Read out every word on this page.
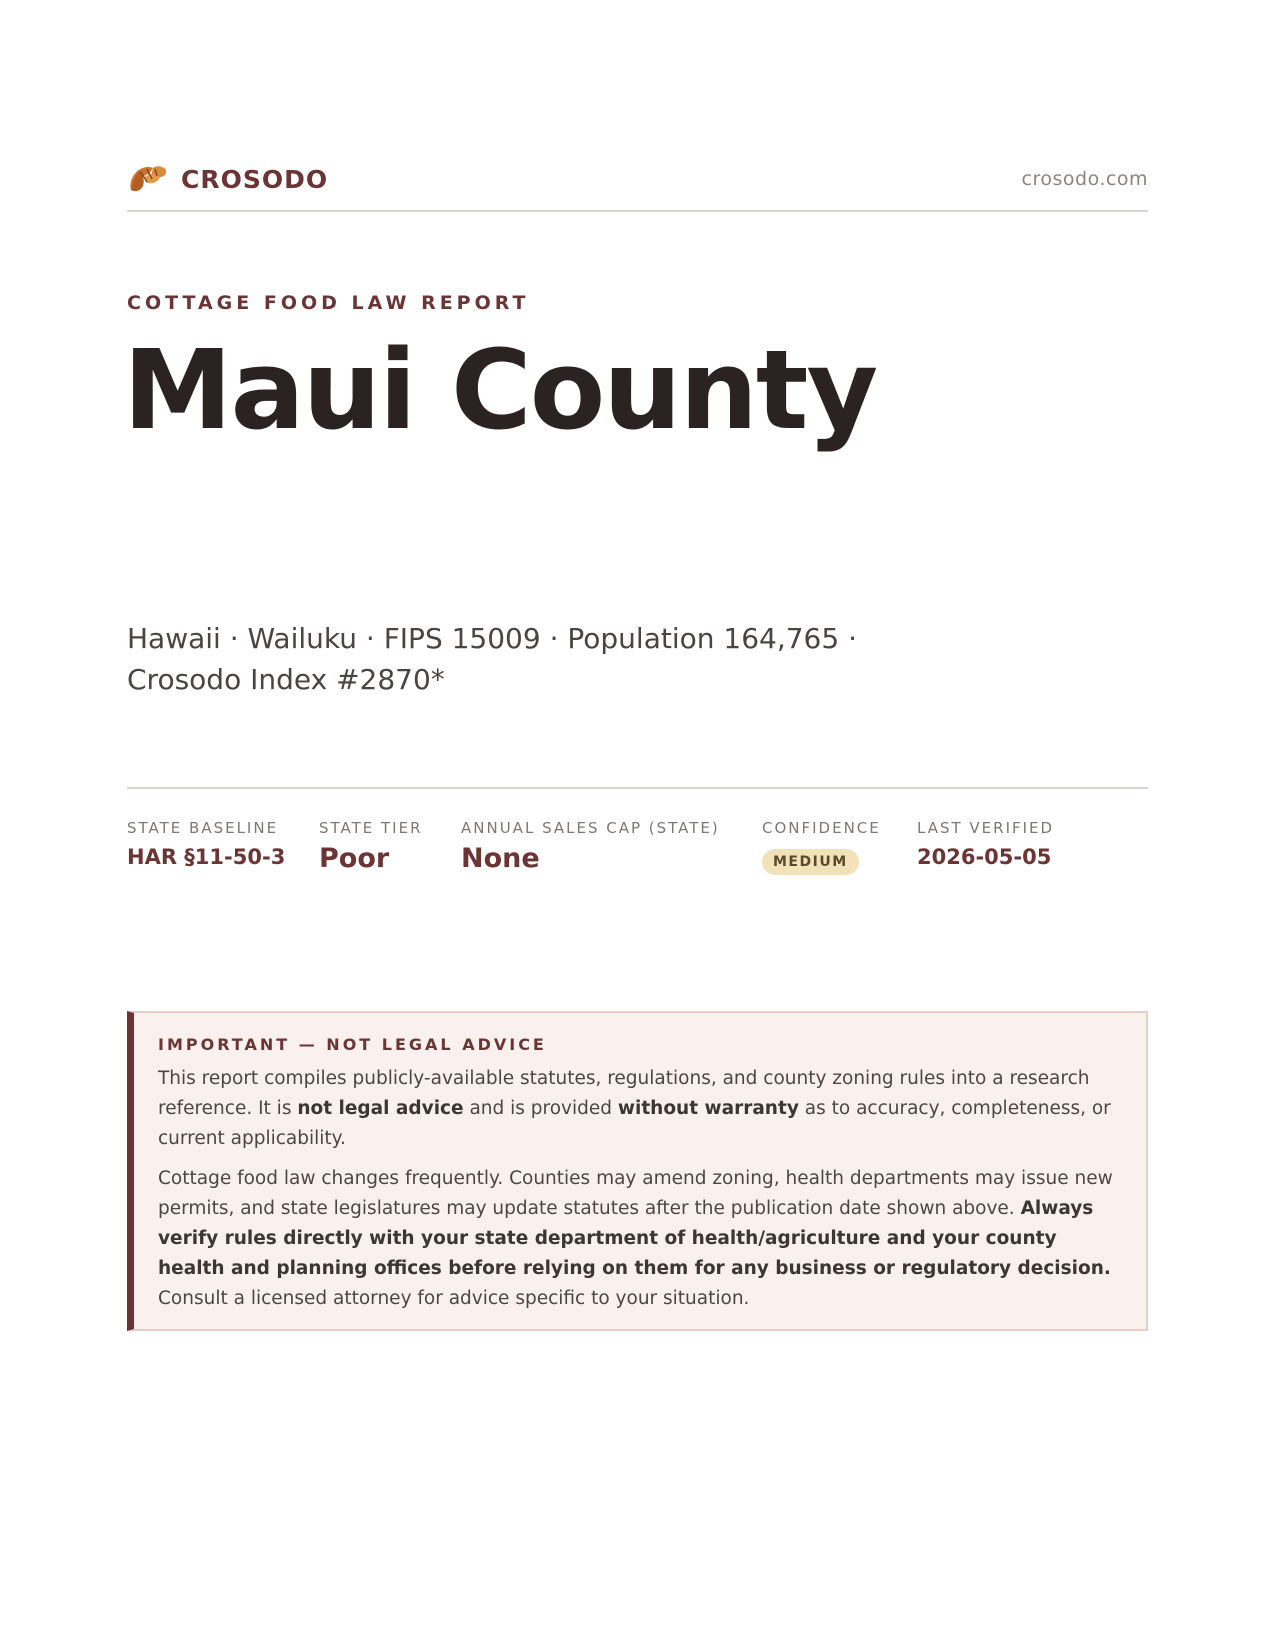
CROSODO	crosodo.com
COTTAGE FOOD LAW REPORT
Maui County
Hawaii · Wailuku · FIPS 15009 · Population 164,765 · Crosodo Index #2870*
STATE BASELINE
HAR §11-50-3
STATE TIER
Poor
ANNUAL SALES CAP (STATE)
None
CONFIDENCE
MEDIUM
LAST VERIFIED
2026-05-05
IMPORTANT — NOT LEGAL ADVICE

This report compiles publicly-available statutes, regulations, and county zoning rules into a research reference. It is not legal advice and is provided without warranty as to accuracy, completeness, or current applicability.

Cottage food law changes frequently. Counties may amend zoning, health departments may issue new permits, and state legislatures may update statutes after the publication date shown above. Always verify rules directly with your state department of health/agriculture and your county health and planning offices before relying on them for any business or regulatory decision. Consult a licensed attorney for advice specific to your situation.
